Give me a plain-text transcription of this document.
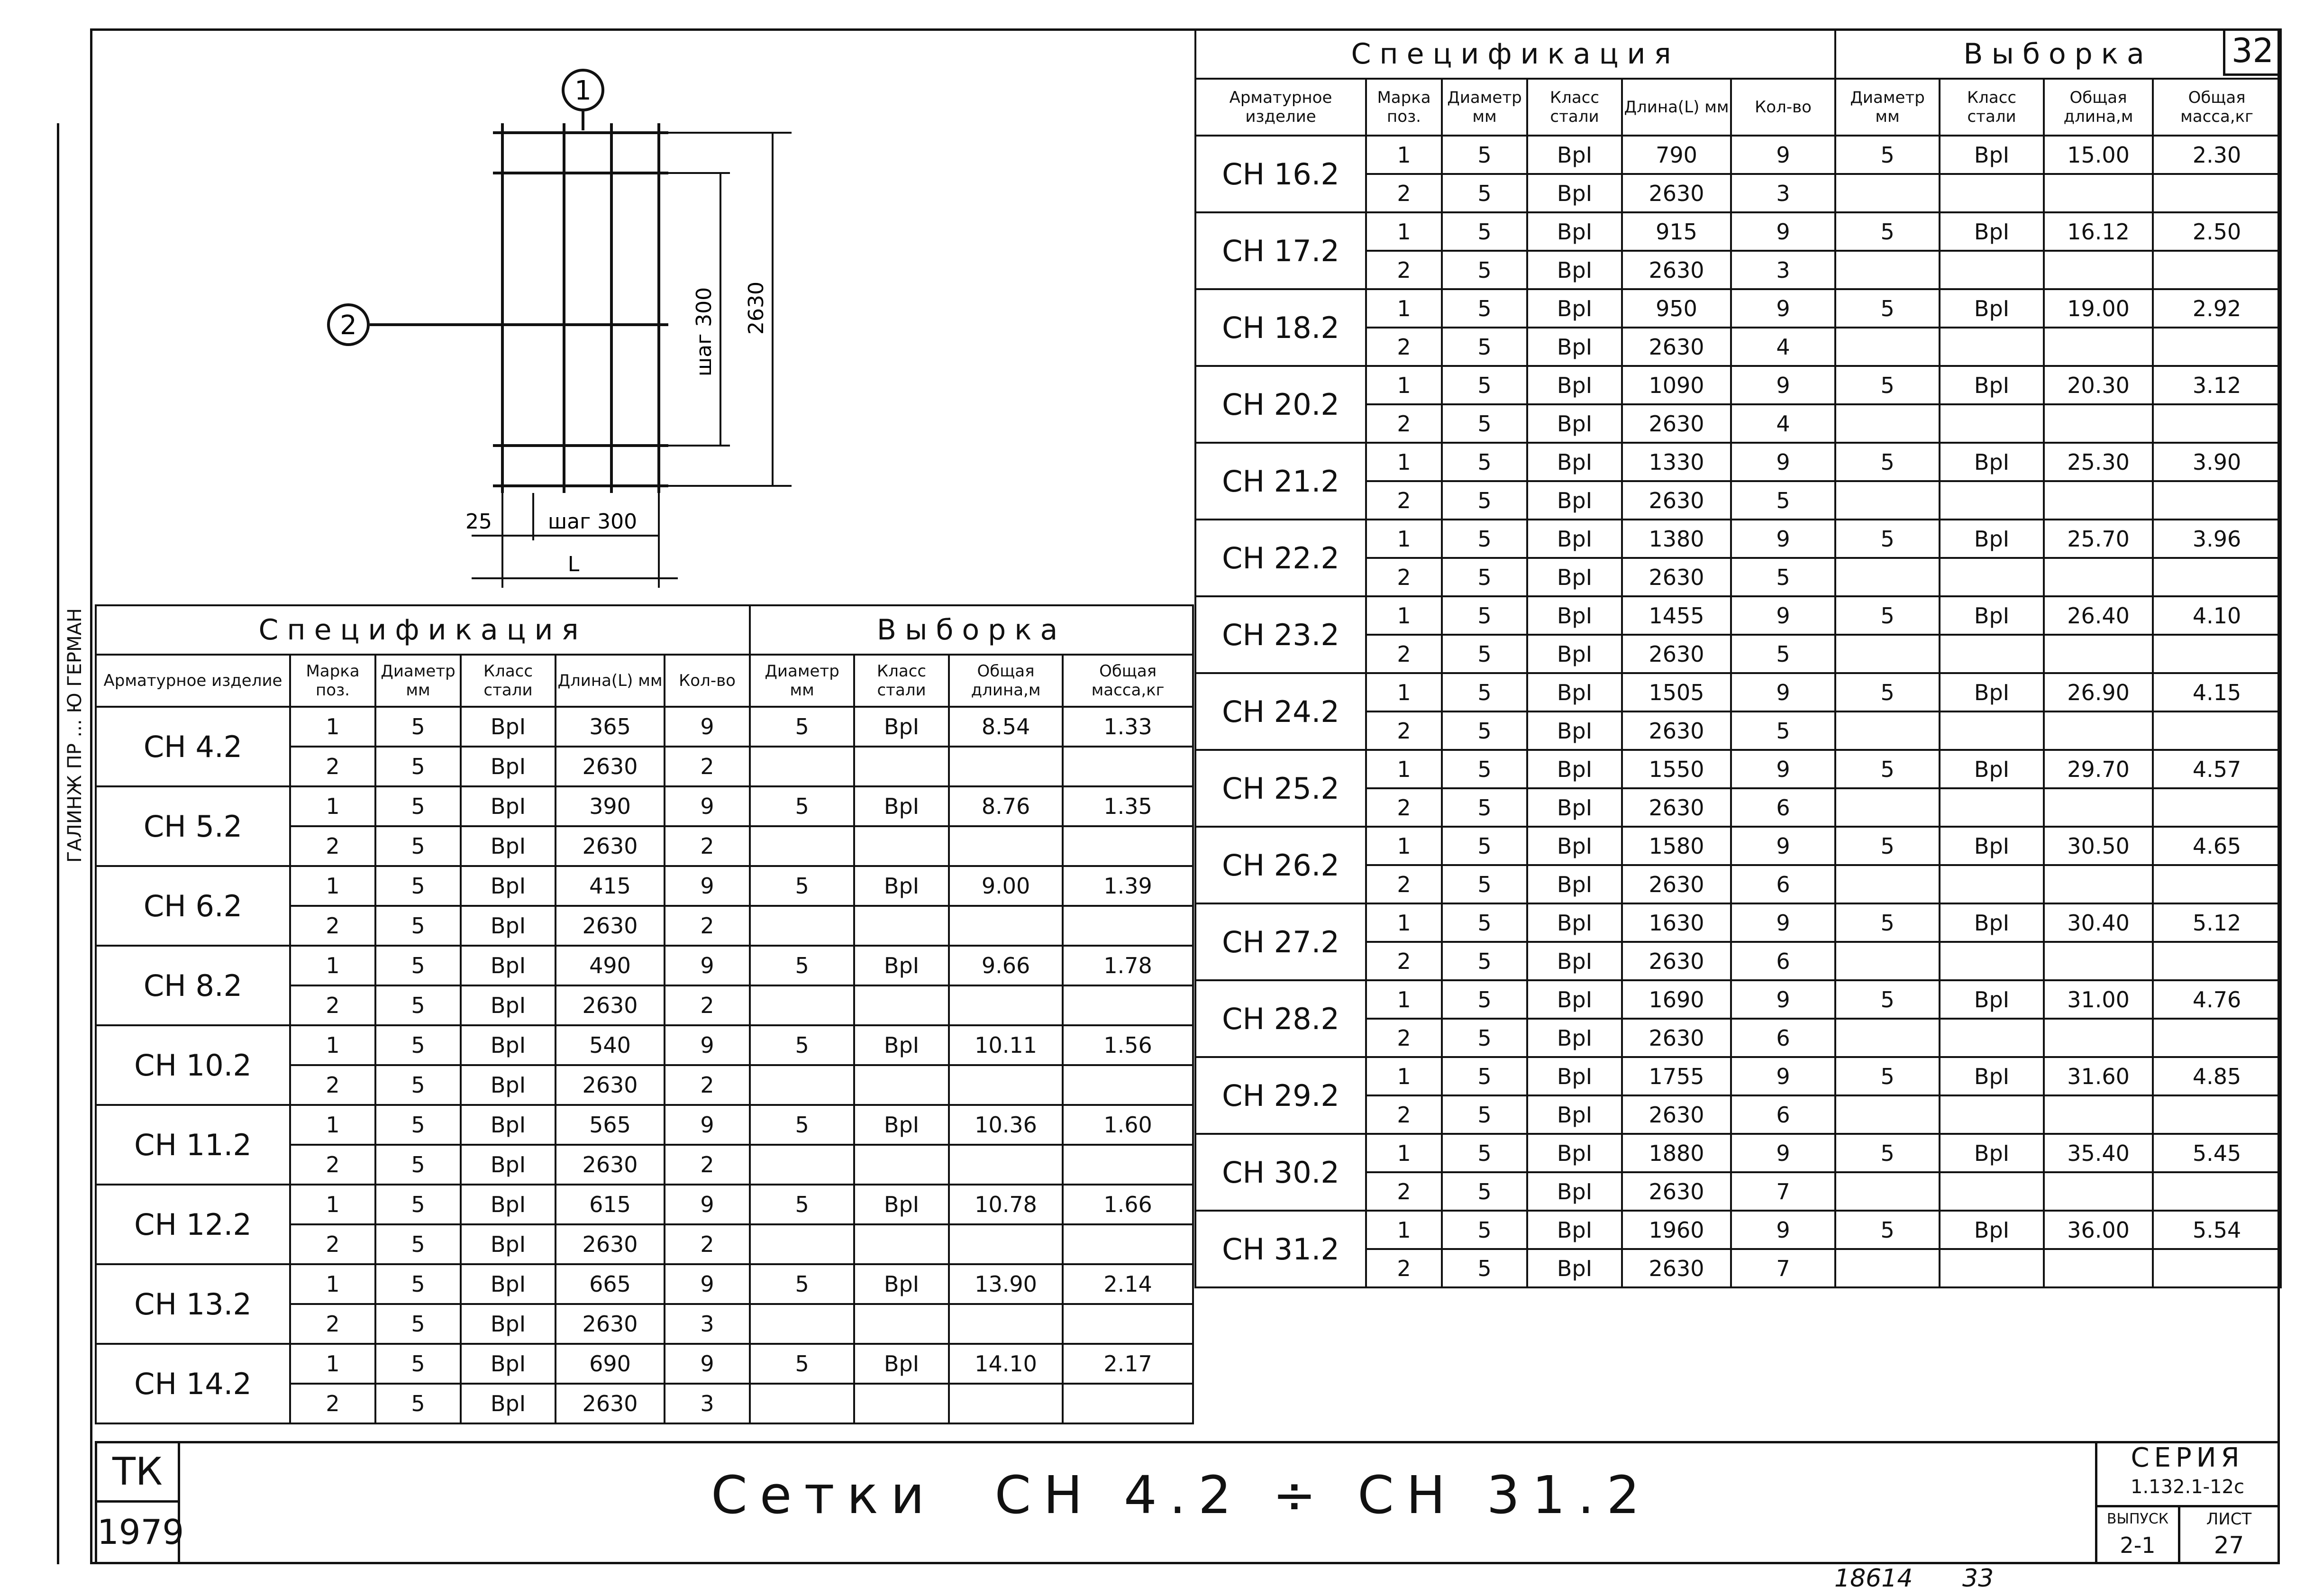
32
ГАЛИНЖ ПР ... Ю ГЕРМАН
1
2	2630
шаг 300
шаг 300
25
L
Спецификация						Выборка			
Арматурное изделие	Марка поз.	Диаметр мм	Класс стали	Длина(L) мм	Кол-во	Диаметр мм	Класс стали	Общая длина,м	Общая масса,кг
СН 4.2	1	5	ВрI	365	9	5	ВрI	8.54	1.33
	2	5	ВрI	2630	2				
СН 5.2	1	5	ВрI	390	9	5	ВрI	8.76	1.35
	2	5	ВрI	2630	2				
СН 6.2	1	5	ВрI	415	9	5	ВрI	9.00	1.39
	2	5	ВрI	2630	2				
СН 8.2	1	5	ВрI	490	9	5	ВрI	9.66	1.78
	2	5	ВрI	2630	2				
СН 10.2	1	5	ВрI	540	9	5	ВрI	10.11	1.56
	2	5	ВрI	2630	2				
СН 11.2	1	5	ВрI	565	9	5	ВрI	10.36	1.60
	2	5	ВрI	2630	2				
СН 12.2	1	5	ВрI	615	9	5	ВрI	10.78	1.66
	2	5	ВрI	2630	2				
СН 13.2	1	5	ВрI	665	9	5	ВрI	13.90	2.14
	2	5	ВрI	2630	3				
СН 14.2	1	5	ВрI	690	9	5	ВрI	14.10	2.17
	2	5	ВрI	2630	3				
Спецификация						Выборка			
Арматурное изделие	Марка поз.	Диаметр мм	Класс стали	Длина(L) мм	Кол-во	Диаметр мм	Класс стали	Общая длина,м	Общая масса,кг
СН 16.2	1	5	ВрI	790	9	5	ВрI	15.00	2.30
	2	5	ВрI	2630	3				
СН 17.2	1	5	ВрI	915	9	5	ВрI	16.12	2.50
	2	5	ВрI	2630	3				
СН 18.2	1	5	ВрI	950	9	5	ВрI	19.00	2.92
	2	5	ВрI	2630	4				
СН 20.2	1	5	ВрI	1090	9	5	ВрI	20.30	3.12
	2	5	ВрI	2630	4				
СН 21.2	1	5	ВрI	1330	9	5	ВрI	25.30	3.90
	2	5	ВрI	2630	5				
СН 22.2	1	5	ВрI	1380	9	5	ВрI	25.70	3.96
	2	5	ВрI	2630	5				
СН 23.2	1	5	ВрI	1455	9	5	ВрI	26.40	4.10
	2	5	ВрI	2630	5				
СН 24.2	1	5	ВрI	1505	9	5	ВрI	26.90	4.15
	2	5	ВрI	2630	5				
СН 25.2	1	5	ВрI	1550	9	5	ВрI	29.70	4.57
	2	5	ВрI	2630	6				
СН 26.2	1	5	ВрI	1580	9	5	ВрI	30.50	4.65
	2	5	ВрI	2630	6				
СН 27.2	1	5	ВрI	1630	9	5	ВрI	30.40	5.12
	2	5	ВрI	2630	6				
СН 28.2	1	5	ВрI	1690	9	5	ВрI	31.00	4.76
	2	5	ВрI	2630	6				
СН 29.2	1	5	ВрI	1755	9	5	ВрI	31.60	4.85
	2	5	ВрI	2630	6				
СН 30.2	1	5	ВрI	1880	9	5	ВрI	35.40	5.45
	2	5	ВрI	2630	7				
СН 31.2	1	5	ВрI	1960	9	5	ВрI	36.00	5.54
	2	5	ВрI	2630	7				
ТК
1979
Сетки  СН 4.2 ÷ СН 31.2
СЕРИЯ
1.132.1-12с
ВЫПУСК
2-1
ЛИСТ
27
18614 33
